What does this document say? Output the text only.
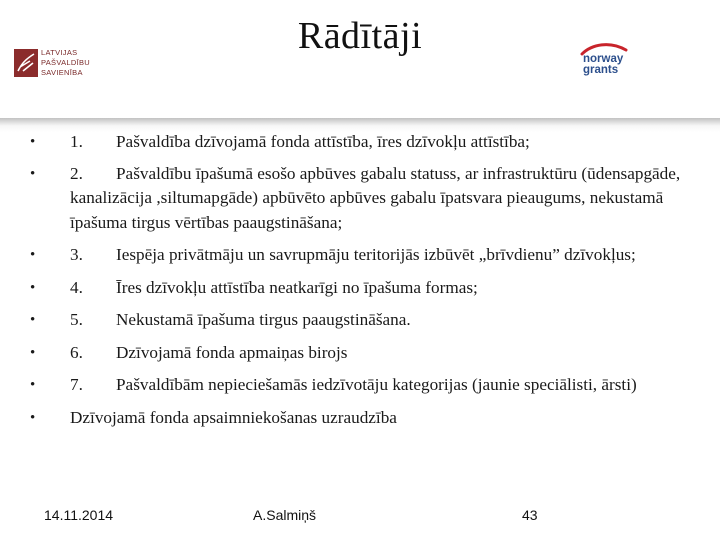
Rādītāji
LATVIJAS
PAŠVALDĪBU
SAVIENĪBA
norway
grants
• 1. Pašvaldība dzīvojamā fonda attīstība, īres dzīvokļu attīstība;
• 2. Pašvaldību īpašumā esošo apbūves gabalu statuss, ar infrastruktūru (ūdensapgāde, kanalizācija ,siltumapgāde) apbūvēto apbūves gabalu īpatsvara pieaugums, nekustamā īpašuma tirgus vērtības paaugstināšana;
• 3. Iespēja privātmāju un savrupmāju teritorijās izbūvēt „brīvdienu” dzīvokļus;
• 4. Īres dzīvokļu attīstība neatkarīgi no īpašuma formas;
• 5. Nekustamā īpašuma tirgus paaugstināšana.
• 6. Dzīvojamā fonda apmaiņas birojs
• 7. Pašvaldībām nepieciešamās iedzīvotāju kategorijas (jaunie speciālisti, ārsti)
• Dzīvojamā fonda apsaimniekošanas uzraudzība
14.11.2014	A.Salmiņš	43
